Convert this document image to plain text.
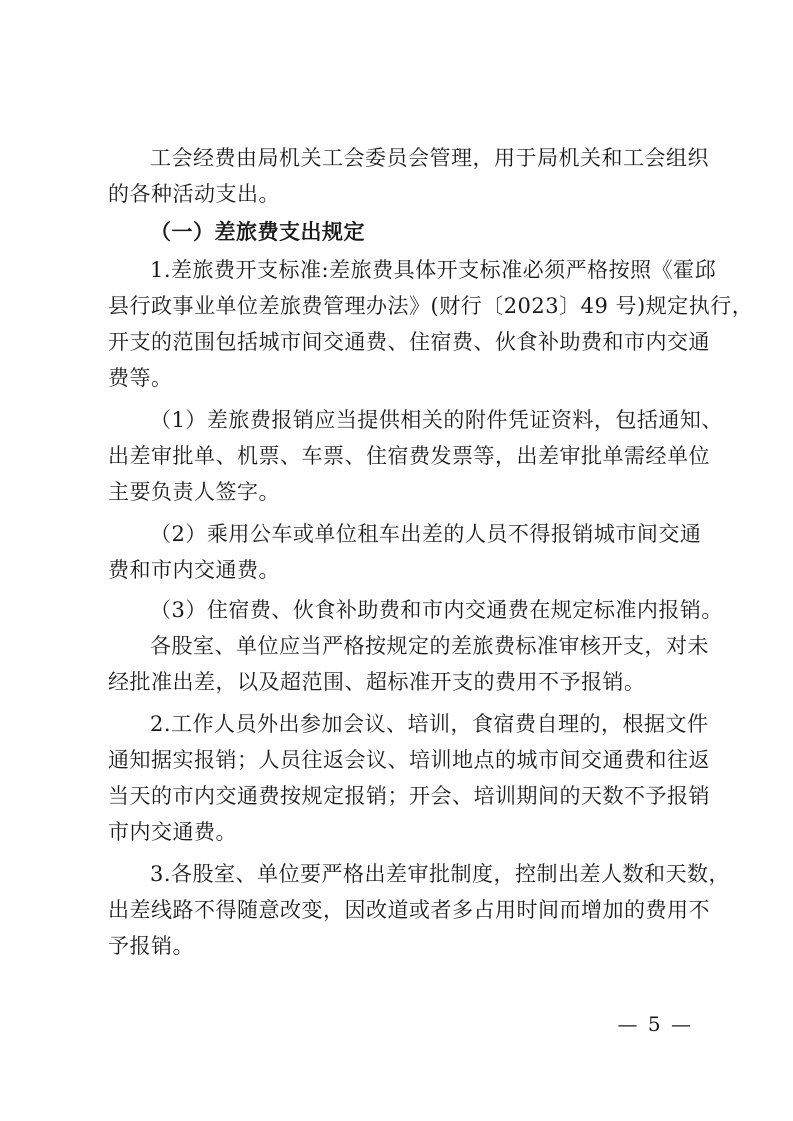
工会经费由局机关工会委员会管理，用于局机关和工会组织
的各种活动支出。
（一）差旅费支出规定
1.差旅费开支标准:差旅费具体开支标准必须严格按照《霍邱
县行政事业单位差旅费管理办法》(财行〔2023〕49 号)规定执行，
开支的范围包括城市间交通费、住宿费、伙食补助费和市内交通
费等。
（1）差旅费报销应当提供相关的附件凭证资料，包括通知、
出差审批单、机票、车票、住宿费发票等，出差审批单需经单位
主要负责人签字。
（2）乘用公车或单位租车出差的人员不得报销城市间交通
费和市内交通费。
（3）住宿费、伙食补助费和市内交通费在规定标准内报销。
各股室、单位应当严格按规定的差旅费标准审核开支，对未
经批准出差，以及超范围、超标准开支的费用不予报销。
2.工作人员外出参加会议、培训，食宿费自理的，根据文件
通知据实报销；人员往返会议、培训地点的城市间交通费和往返
当天的市内交通费按规定报销；开会、培训期间的天数不予报销
市内交通费。
3.各股室、单位要严格出差审批制度，控制出差人数和天数，
出差线路不得随意改变，因改道或者多占用时间而增加的费用不
予报销。
— 5 —
